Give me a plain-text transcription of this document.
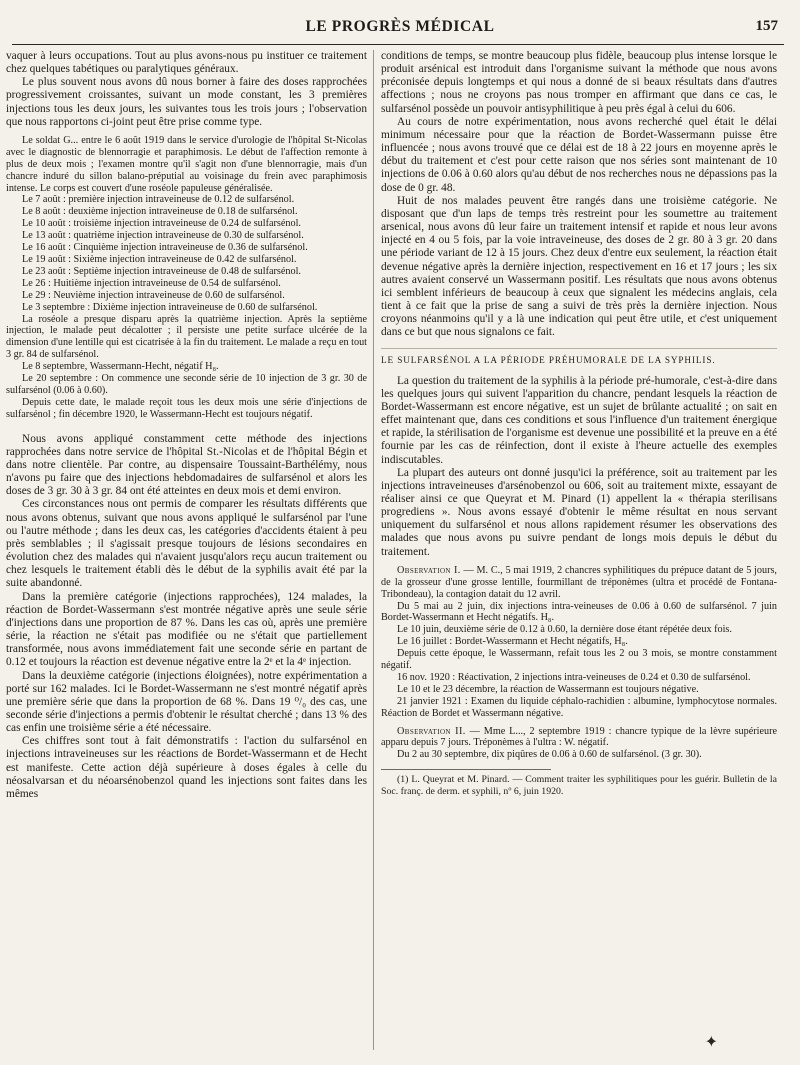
LE PROGRÈS MÉDICAL	157

vaquer à leurs occupations. Tout au plus avons-nous pu instituer ce traitement chez quelques tabétiques ou paralytiques généraux.

Le plus souvent nous avons dû nous borner à faire des doses rapprochées progressivement croissantes, suivant un mode constant, les 3 premières injections tous les deux jours, les suivantes tous les trois jours ; l'observation que nous rapportons ci-joint peut être prise comme type.

Le soldat G... entre le 6 août 1919 dans le service d'urologie de l'hôpital St-Nicolas avec le diagnostic de blennorragie et paraphimosis. Le début de l'affection remonte à plus de deux mois ; l'examen montre qu'il s'agit non d'une blennorragie, mais d'un chancre induré du sillon balano-préputial au voisinage du frein avec paraphimosis intense. Le corps est couvert d'une roséole papuleuse généralisée.

Le 7 août : première injection intraveineuse de 0.12 de sulfarsénol.

Le 8 août : deuxième injection intraveineuse de 0.18 de sulfarsénol.

Le 10 août : troisième injection intraveineuse de 0.24 de sulfarsénol.

Le 13 août : quatrième injection intraveineuse de 0.30 de sulfarsénol.

Le 16 août : Cinquième injection intraveineuse de 0.36 de sulfarsénol.

Le 19 août : Sixième injection intraveineuse de 0.42 de sulfarsénol.

Le 23 août : Septième injection intraveineuse de 0.48 de sulfarsénol.

Le 26 : Huitième injection intraveineuse de 0.54 de sulfarsénol.

Le 29 : Neuvième injection intraveineuse de 0.60 de sulfarsénol.

Le 3 septembre : Dixième injection intraveineuse de 0.60 de sulfarsénol.

La roséole a presque disparu après la quatrième injection. Après la septième injection, le malade peut décalotter ; il persiste une petite surface ulcérée de la dimension d'une lentille qui est cicatrisée à la fin du traitement. Le malade a reçu en tout 3 gr. 84 de sulfarsénol.

Le 8 septembre, Wassermann-Hecht, négatif H₈.

Le 20 septembre : On commence une seconde série de 10 injection de 3 gr. 30 de sulfarsénol (0.06 à 0.60).

Depuis cette date, le malade reçoit tous les deux mois une série d'injections de sulfarsénol ; fin décembre 1920, le Wassermann-Hecht est toujours négatif.

Nous avons appliqué constamment cette méthode des injections rapprochées dans notre service de l'hôpital St.-Nicolas et de l'hôpital Bégin et dans notre clientèle. Par contre, au dispensaire Toussaint-Barthélémy, nous n'avons pu faire que des injections hebdomadaires de sulfarsénol et alors les doses de 3 gr. 30 à 3 gr. 84 ont été atteintes en deux mois et demi environ.

Ces circonstances nous ont permis de comparer les résultats différents que nous avons obtenus, suivant que nous avons appliqué le sulfarsénol par l'une ou l'autre méthode ; dans les deux cas, les catégories d'accidents étaient à peu près semblables ; il s'agissait presque toujours de lésions secondaires en évolution chez des malades qui n'avaient jusqu'alors reçu aucun traitement ou chez lesquels le traitement établi dès le début de la syphilis avait été par la suite abandonné.

Dans la première catégorie (injections rapprochées), 124 malades, la réaction de Bordet-Wassermann s'est montrée négative après une seule série d'injections dans une proportion de 87 %. Dans les cas où, après une première série, la réaction ne s'était pas modifiée ou ne s'était que partiellement transformée, nous avons immédiatement fait une seconde série en partant de 0.12 et toujours la réaction est devenue négative entre la 2ᵉ et la 4ᵉ injection.

Dans la deuxième catégorie (injections éloignées), notre expérimentation a porté sur 162 malades. Ici le Bordet-Wassermann ne s'est montré négatif après une première série que dans la proportion de 68 %. Dans 19 ⁰/₀ des cas, une seconde série d'injections a permis d'obtenir le résultat cherché ; dans 13 % des cas enfin une troisième série a été nécessaire.

Ces chiffres sont tout à fait démonstratifs : l'action du sulfarsénol en injections intraveineuses sur les réactions de Bordet-Wassermann et de Hecht est manifeste. Cette action déjà supérieure à doses égales à celle du néosalvarsan et du néoarsénobenzol quand les injections sont faites dans les mêmes

conditions de temps, se montre beaucoup plus fidèle, beaucoup plus intense lorsque le produit arsénical est introduit dans l'organisme suivant la méthode que nous avons préconisée depuis longtemps et qui nous a donné de si beaux résultats dans d'autres affections ; nous ne croyons pas nous tromper en affirmant que dans ce cas, le sulfarsénol possède un pouvoir antisyphilitique à peu près égal à celui du 606.

Au cours de notre expérimentation, nous avons recherché quel était le délai minimum nécessaire pour que la réaction de Bordet-Wassermann puisse être influencée ; nous avons trouvé que ce délai est de 18 à 22 jours en moyenne après le début du traitement et c'est pour cette raison que nos séries sont maintenant de 10 injections de 0.06 à 0.60 alors qu'au début de nos recherches nous ne dépassions pas la dose de 0 gr. 48.

Huit de nos malades peuvent être rangés dans une troisième catégorie. Ne disposant que d'un laps de temps très restreint pour les soumettre au traitement arsenical, nous avons dû leur faire un traitement intensif et rapide et nous leur avons injecté en 4 ou 5 fois, par la voie intraveineuse, des doses de 2 gr. 80 à 3 gr. 20 dans une période variant de 12 à 15 jours. Chez deux d'entre eux seulement, la réaction était devenue négative après la dernière injection, respectivement en 16 et 17 jours ; les six autres avaient conservé un Wassermann positif. Les résultats que nous avons obtenus ici semblent inférieurs de beaucoup à ceux que signalent les médecins anglais, cela tient à ce fait que la prise de sang a suivi de très près la dernière injection. Nous croyons néanmoins qu'il y a là une indication qui peut être utile, et c'est uniquement dans ce but que nous signalons ce fait.

LE SULFARSÉNOL A LA PÉRIODE PRÉHUMORALE DE LA SYPHILIS.

La question du traitement de la syphilis à la période pré-humorale, c'est-à-dire dans les quelques jours qui suivent l'apparition du chancre, pendant lesquels la réaction de Bordet-Wassermann est encore négative, est un sujet de brûlante actualité ; on sait en effet maintenant que, dans ces conditions et sous l'influence d'un traitement énergique et rapide, la stérilisation de l'organisme est devenue une possibilité et la preuve en a été fournie par les cas de réinfection, dont il existe à l'heure actuelle des exemples indiscutables.

La plupart des auteurs ont donné jusqu'ici la préférence, soit au traitement par les injections intraveineuses d'arsénobenzol ou 606, soit au traitement mixte, essayant de réaliser ainsi ce que Queyrat et M. Pinard (1) appellent la « thérapia sterilisans progrediens ». Nous avons essayé d'obtenir le même résultat en nous servant uniquement du sulfarsénol et nous allons rapidement résumer les observations des malades que nous avons pu suivre pendant de longs mois depuis le début du traitement.

Observation I. — M. C., 5 mai 1919, 2 chancres syphilitiques du prépuce datant de 5 jours, de la grosseur d'une grosse lentille, fourmillant de tréponèmes (ultra et procédé de Fontana-Tribondeau), la contagion datait du 12 avril.

Du 5 mai au 2 juin, dix injections intra-veineuses de 0.06 à 0.60 de sulfarsénol. 7 juin Bordet-Wassermann et Hecht négatifs. H₈.

Le 10 juin, deuxième série de 0.12 à 0.60, la dernière dose étant répétée deux fois.

Le 16 juillet : Bordet-Wassermann et Hecht négatifs, H₈.

Depuis cette époque, le Wassermann, refait tous les 2 ou 3 mois, se montre constamment négatif.

16 nov. 1920 : Réactivation, 2 injections intra-veineuses de 0.24 et 0.30 de sulfarsénol.

Le 10 et le 23 décembre, la réaction de Wassermann est toujours négative.

21 janvier 1921 : Examen du liquide céphalo-rachidien : albumine, lymphocytose normales. Réaction de Bordet et Wassermann négative.

Observation II. — Mme L..., 2 septembre 1919 : chancre typique de la lèvre supérieure apparu depuis 7 jours. Tréponèmes à l'ultra : W. négatif.

Du 2 au 30 septembre, dix piqûres de 0.06 à 0.60 de sulfarsénol. (3 gr. 30).

(1) L. Queyrat et M. Pinard. — Comment traiter les syphilitiques pour les guérir. Bulletin de la Soc. franç. de derm. et syphili, nº 6, juin 1920.

✦
